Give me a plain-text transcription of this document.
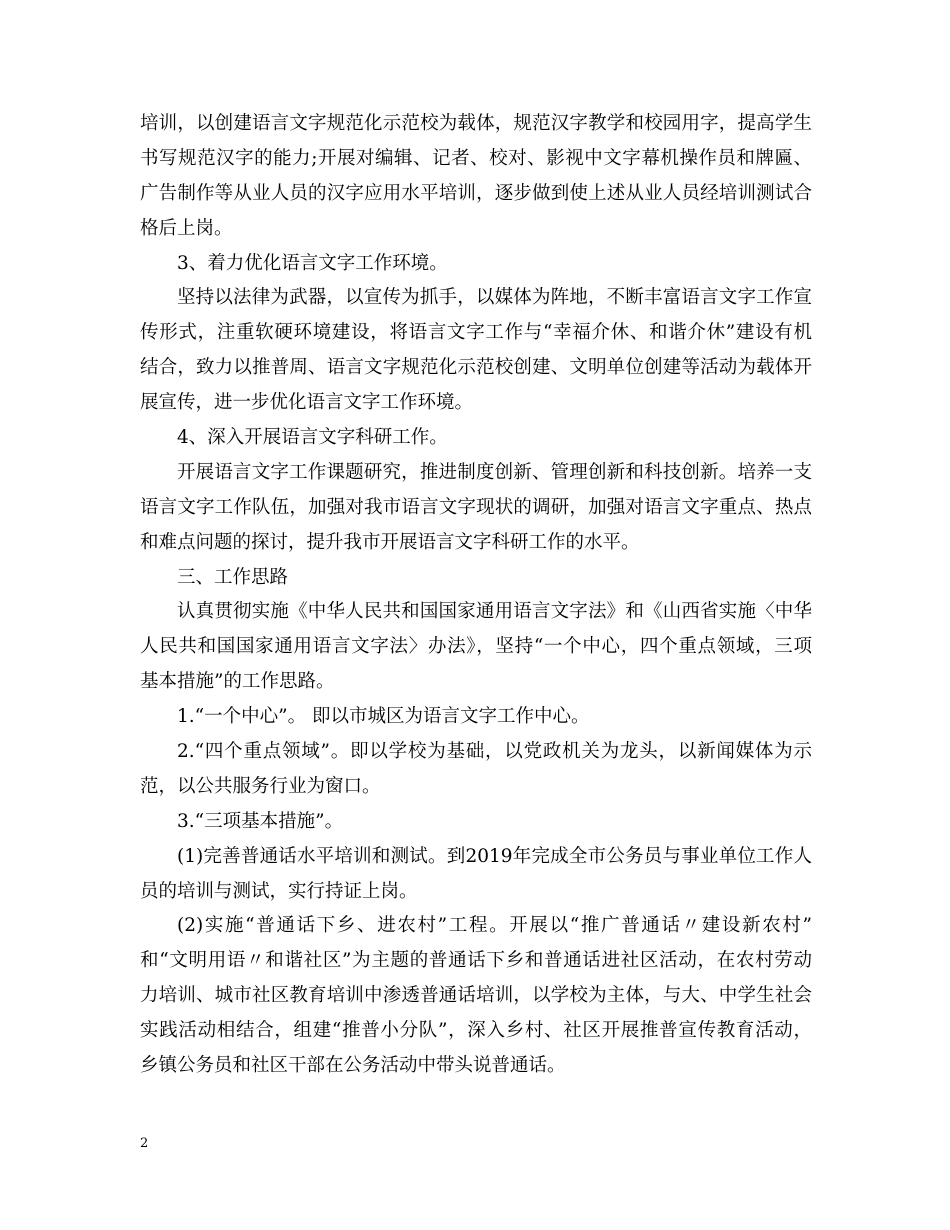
培训，以创建语言文字规范化示范校为载体，规范汉字教学和校园用字，提高学生

书写规范汉字的能力;开展对编辑、记者、校对、影视中文字幕机操作员和牌匾、

广告制作等从业人员的汉字应用水平培训，逐步做到使上述从业人员经培训测试合

格后上岗。

3、着力优化语言文字工作环境。

坚持以法律为武器，以宣传为抓手，以媒体为阵地，不断丰富语言文字工作宣

传形式，注重软硬环境建设，将语言文字工作与“幸福介休、和谐介休”建设有机

结合，致力以推普周、语言文字规范化示范校创建、文明单位创建等活动为载体开

展宣传，进一步优化语言文字工作环境。

4、深入开展语言文字科研工作。

开展语言文字工作课题研究，推进制度创新、管理创新和科技创新。培养一支

语言文字工作队伍，加强对我市语言文字现状的调研，加强对语言文字重点、热点

和难点问题的探讨，提升我市开展语言文字科研工作的水平。

三、工作思路

认真贯彻实施《中华人民共和国国家通用语言文字法》和《山西省实施〈中华

人民共和国国家通用语言文字法〉办法》，坚持“一个中心，四个重点领域，三项

基本措施”的工作思路。

1.“一个中心”。 即以市城区为语言文字工作中心。

2.“四个重点领域”。即以学校为基础，以党政机关为龙头，以新闻媒体为示

范，以公共服务行业为窗口。

3.“三项基本措施”。

(1)完善普通话水平培训和测试。到2019年完成全市公务员与事业单位工作人

员的培训与测试，实行持证上岗。

(2)实施“普通话下乡、进农村”工程。开展以“推广普通话〃建设新农村”

和“文明用语〃和谐社区”为主题的普通话下乡和普通话进社区活动，在农村劳动

力培训、城市社区教育培训中渗透普通话培训，以学校为主体，与大、中学生社会

实践活动相结合，组建“推普小分队”，深入乡村、社区开展推普宣传教育活动，

乡镇公务员和社区干部在公务活动中带头说普通话。

2
